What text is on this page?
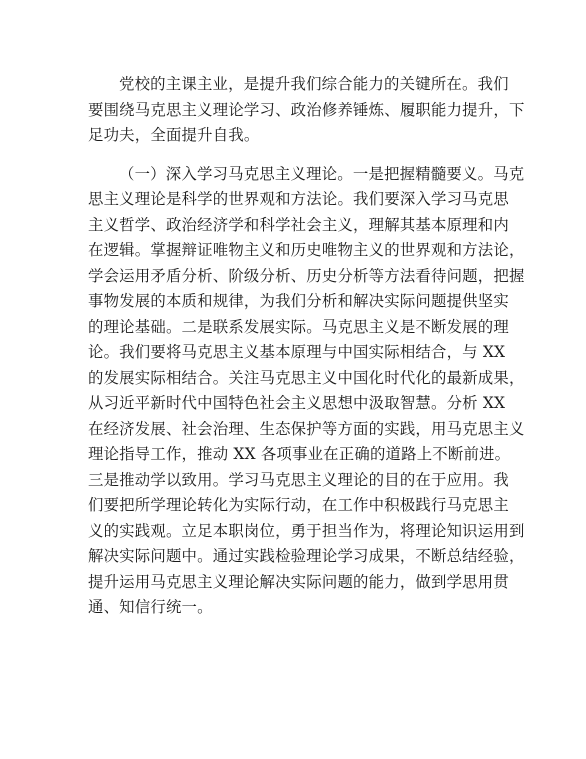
党校的主课主业，是提升我们综合能力的关键所在。我们
要围绕马克思主义理论学习、政治修养锤炼、履职能力提升，下
足功夫，全面提升自我。
（一）深入学习马克思主义理论。一是把握精髓要义。马克
思主义理论是科学的世界观和方法论。我们要深入学习马克思
主义哲学、政治经济学和科学社会主义，理解其基本原理和内
在逻辑。掌握辩证唯物主义和历史唯物主义的世界观和方法论，
学会运用矛盾分析、阶级分析、历史分析等方法看待问题，把握
事物发展的本质和规律，为我们分析和解决实际问题提供坚实
的理论基础。二是联系发展实际。马克思主义是不断发展的理
论。我们要将马克思主义基本原理与中国实际相结合，与 XX
的发展实际相结合。关注马克思主义中国化时代化的最新成果，
从习近平新时代中国特色社会主义思想中汲取智慧。分析 XX
在经济发展、社会治理、生态保护等方面的实践，用马克思主义
理论指导工作，推动 XX 各项事业在正确的道路上不断前进。
三是推动学以致用。学习马克思主义理论的目的在于应用。我
们要把所学理论转化为实际行动，在工作中积极践行马克思主
义的实践观。立足本职岗位，勇于担当作为，将理论知识运用到
解决实际问题中。通过实践检验理论学习成果，不断总结经验，
提升运用马克思主义理论解决实际问题的能力，做到学思用贯
通、知信行统一。
